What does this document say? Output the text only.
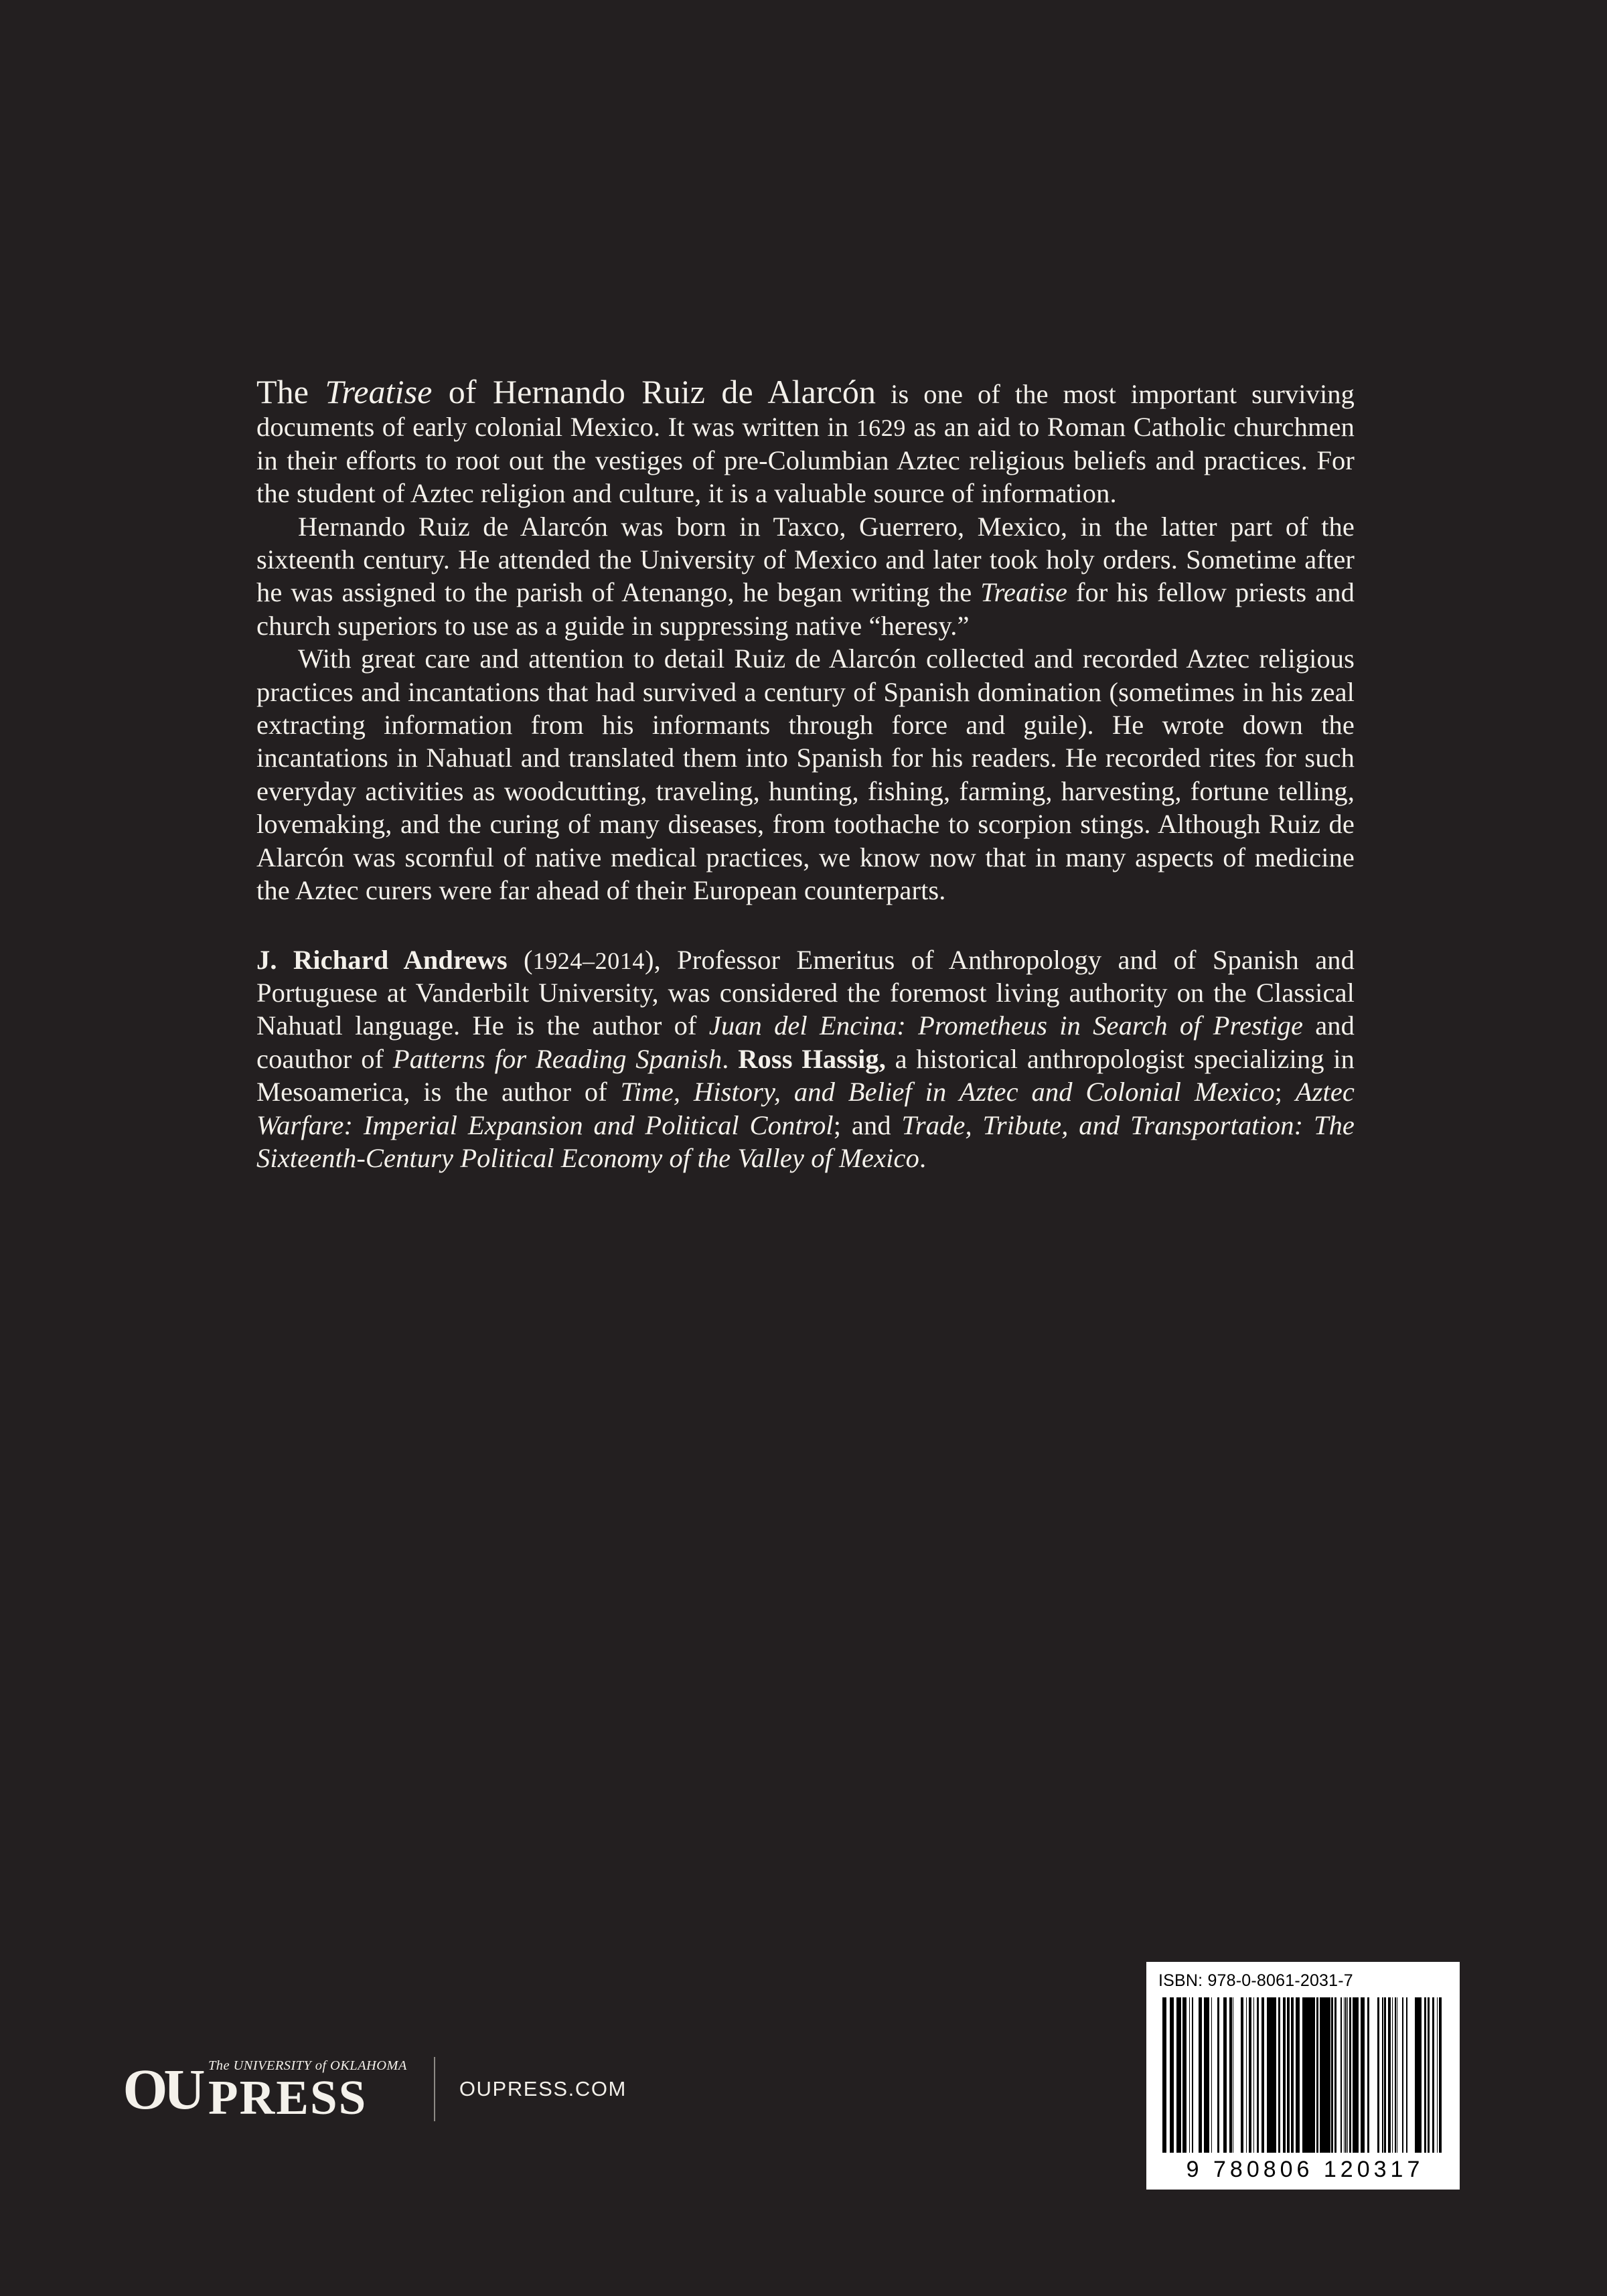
The Treatise of Hernando Ruiz de Alarcón is one of the most important surviving documents of early colonial Mexico. It was written in 1629 as an aid to Roman Catholic churchmen in their efforts to root out the vestiges of pre-Columbian Aztec religious beliefs and practices. For the student of Aztec religion and culture, it is a valuable source of information.

Hernando Ruiz de Alarcón was born in Taxco, Guerrero, Mexico, in the latter part of the sixteenth century. He attended the University of Mexico and later took holy orders. Sometime after he was assigned to the parish of Atenango, he began writing the Treatise for his fellow priests and church superiors to use as a guide in suppressing native “heresy.”

With great care and attention to detail Ruiz de Alarcón collected and recorded Aztec religious practices and incantations that had survived a century of Spanish domination (sometimes in his zeal extracting information from his informants through force and guile). He wrote down the incantations in Nahuatl and translated them into Spanish for his readers. He recorded rites for such everyday activities as woodcutting, traveling, hunting, fishing, farming, harvesting, fortune telling, lovemaking, and the curing of many diseases, from toothache to scorpion stings. Although Ruiz de Alarcón was scornful of native medical practices, we know now that in many aspects of medicine the Aztec curers were far ahead of their European counterparts.

J. Richard Andrews (1924–2014), Professor Emeritus of Anthropology and of Spanish and Portuguese at Vanderbilt University, was considered the foremost living authority on the Classical Nahuatl language. He is the author of Juan del Encina: Prometheus in Search of Prestige and coauthor of Patterns for Reading Spanish. Ross Hassig, a historical anthropologist specializing in Mesoamerica, is the author of Time, History, and Belief in Aztec and Colonial Mexico; Aztec Warfare: Imperial Expansion and Political Control; and Trade, Tribute, and Transportation: The Sixteenth-Century Political Economy of the Valley of Mexico.

OU The UNIVERSITY of OKLAHOMA
PRESS	OUPRESS.COM
ISBN: 978-0-8061-2031-7
9 780806 120317
